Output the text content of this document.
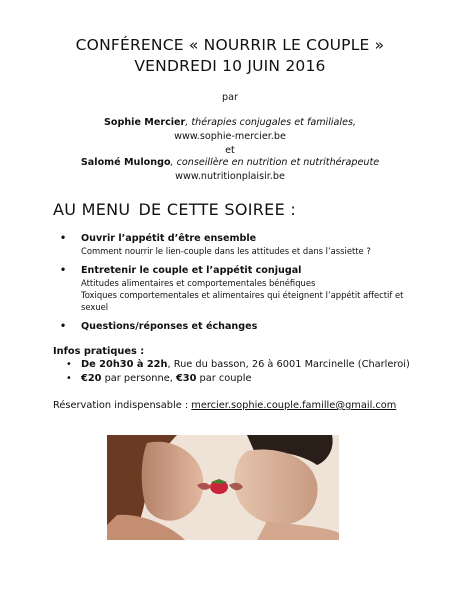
CONFÉRENCE « NOURRIR LE COUPLE »
VENDREDI 10 JUIN 2016
par
Sophie Mercier, thérapies conjugales et familiales,
www.sophie-mercier.be
et
Salomé Mulongo, conseillère en nutrition et nutrithérapeute
www.nutritionplaisir.be
AU MENU DE CETTE SOIREE :
• Ouvrir l’appétit d’être ensemble
Comment nourrir le lien-couple dans les attitudes et dans l’assiette ?
• Entretenir le couple et l’appétit conjugal
Attitudes alimentaires et comportementales bénéfiques
Toxiques comportementales et alimentaires qui éteignent l’appétit affectif et
sexuel
• Questions/réponses et échanges
Infos pratiques :
• De 20h30 à 22h, Rue du basson, 26 à 6001 Marcinelle (Charleroi)
• €20 par personne, €30 par couple
Réservation indispensable : mercier.sophie.couple.famille@gmail.com
